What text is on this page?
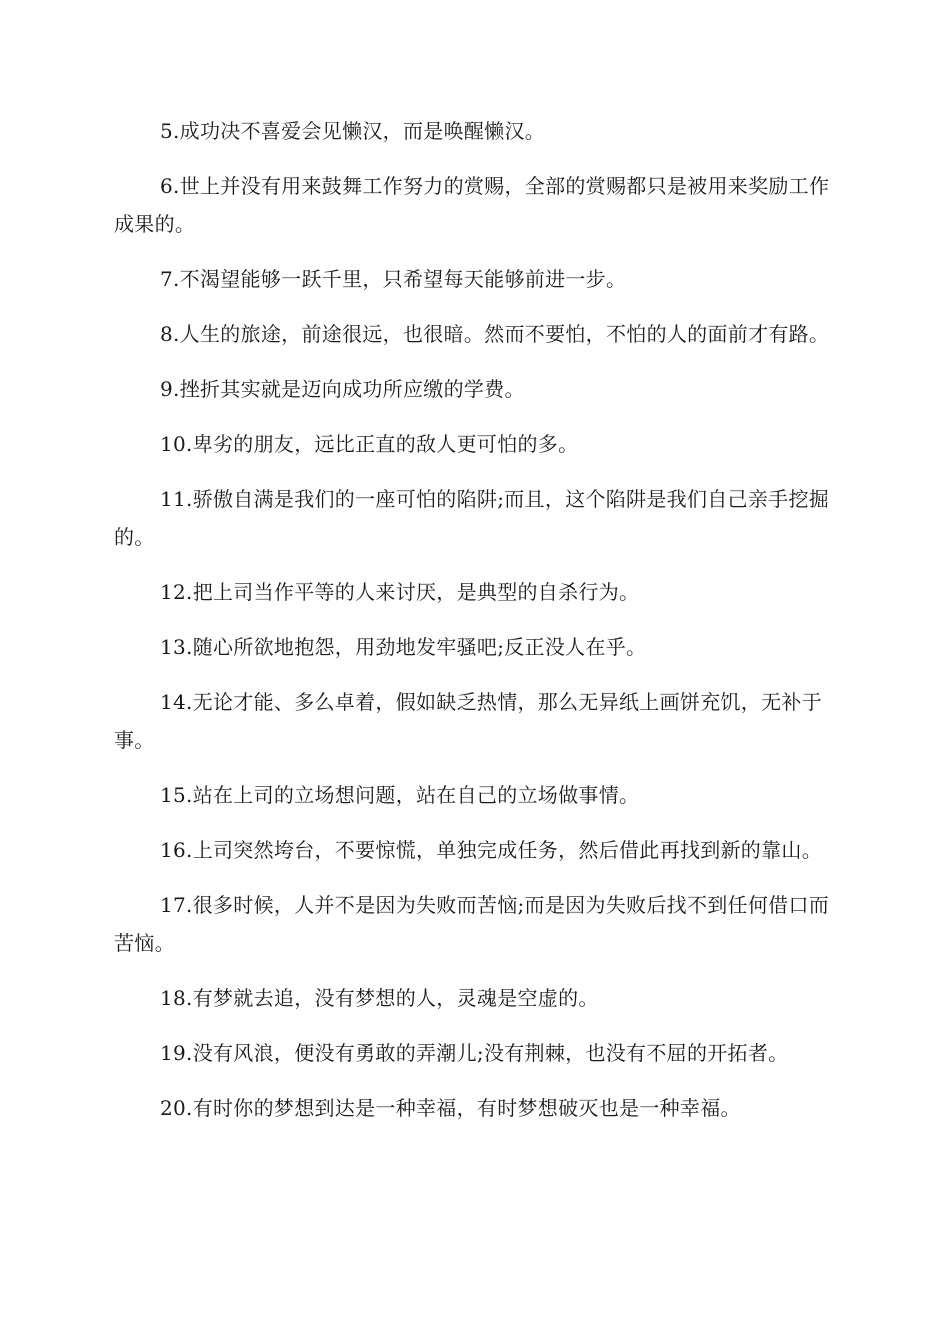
5.成功决不喜爱会见懒汉，而是唤醒懒汉。

6.世上并没有用来鼓舞工作努力的赏赐，全部的赏赐都只是被用来奖励工作成果的。

7.不渴望能够一跃千里，只希望每天能够前进一步。

8.人生的旅途，前途很远，也很暗。然而不要怕，不怕的人的面前才有路。

9.挫折其实就是迈向成功所应缴的学费。

10.卑劣的朋友，远比正直的敌人更可怕的多。

11.骄傲自满是我们的一座可怕的陷阱;而且，这个陷阱是我们自己亲手挖掘的。

12.把上司当作平等的人来讨厌，是典型的自杀行为。

13.随心所欲地抱怨，用劲地发牢骚吧;反正没人在乎。

14.无论才能、多么卓着，假如缺乏热情，那么无异纸上画饼充饥，无补于事。

15.站在上司的立场想问题，站在自己的立场做事情。

16.上司突然垮台，不要惊慌，单独完成任务，然后借此再找到新的靠山。

17.很多时候，人并不是因为失败而苦恼;而是因为失败后找不到任何借口而苦恼。

18.有梦就去追，没有梦想的人，灵魂是空虚的。

19.没有风浪，便没有勇敢的弄潮儿;没有荆棘，也没有不屈的开拓者。

20.有时你的梦想到达是一种幸福，有时梦想破灭也是一种幸福。
